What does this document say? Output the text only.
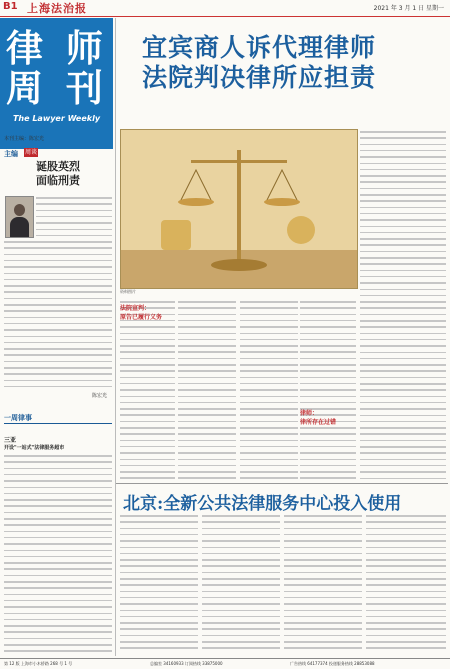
B1 上海法治报	2021 年 3 月 1 日 星期一
律 师
周 刊
The Lawyer Weekly
本刊主编：陈宏光
主编 周谈
诞股英烈
面临刑责
陈宏光
一周律事
三亚
开设"一站式"法律服务超市
宜宾商人诉代理律师
法院判决律所应担责
资料图片
法院宣判：
原告已履行义务
律师：
律所存在过错
北京:全新公共法律服务中心投入使用
第 12 版 上海市小木桥路 268 号 1 号	总编室 34160933 订阅热线 33875000	广告热线 64177374 投递服务热线 28853088
